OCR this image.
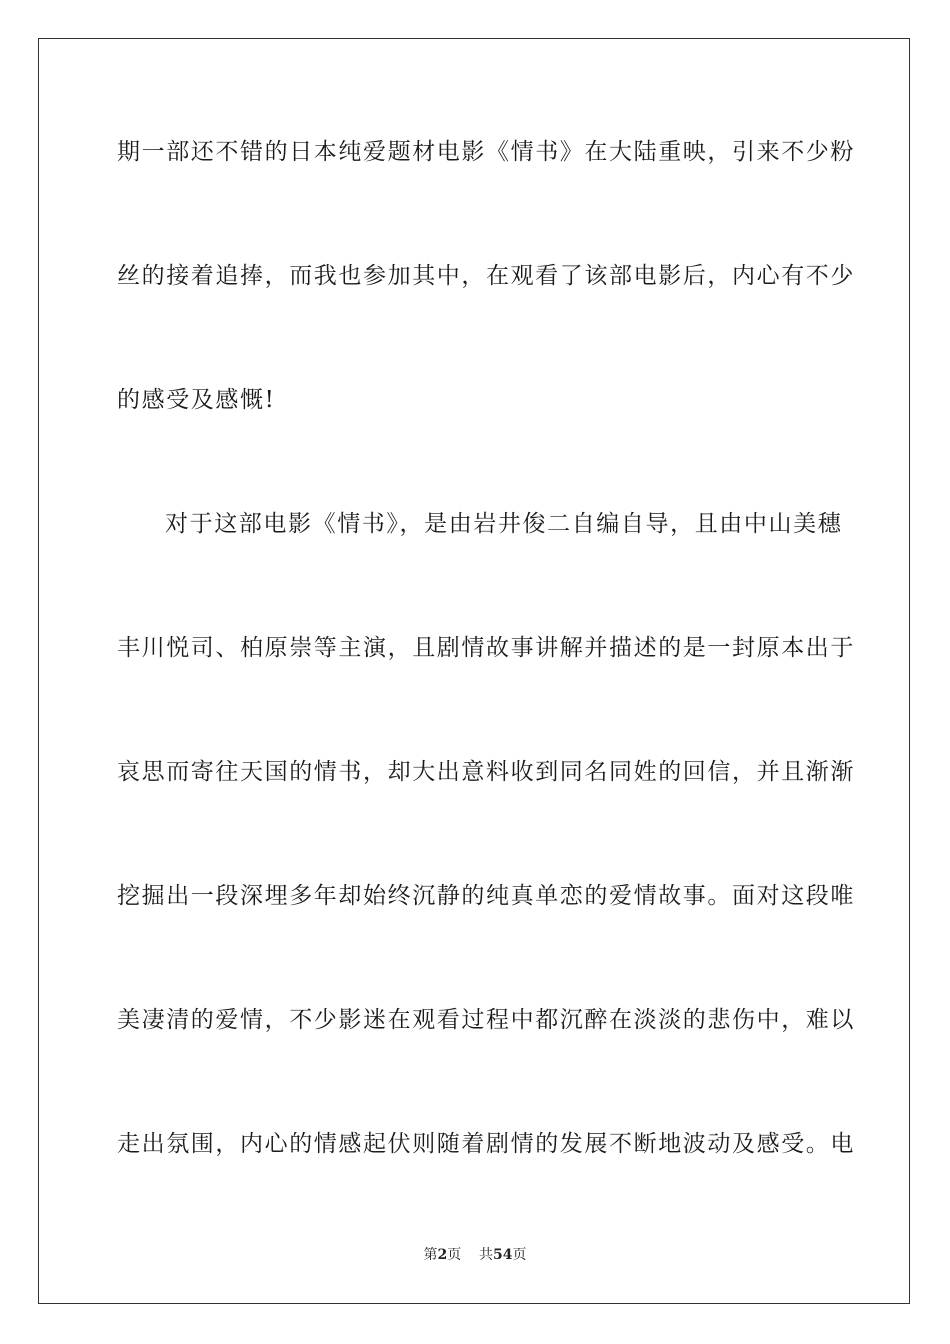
期一部还不错的日本纯爱题材电影《情书》在大陆重映，引来不少粉

丝的接着追捧，而我也参加其中，在观看了该部电影后，内心有不少

的感受及感慨!

对于这部电影《情书》，是由岩井俊二自编自导，且由中山美穗

丰川悦司、柏原崇等主演，且剧情故事讲解并描述的是一封原本出于

哀思而寄往天国的情书，却大出意料收到同名同姓的回信，并且渐渐

挖掘出一段深埋多年却始终沉静的纯真单恋的爱情故事。面对这段唯

美凄清的爱情，不少影迷在观看过程中都沉醉在淡淡的悲伤中，难以

走出氛围，内心的情感起伏则随着剧情的发展不断地波动及感受。电

第2页 共54页
